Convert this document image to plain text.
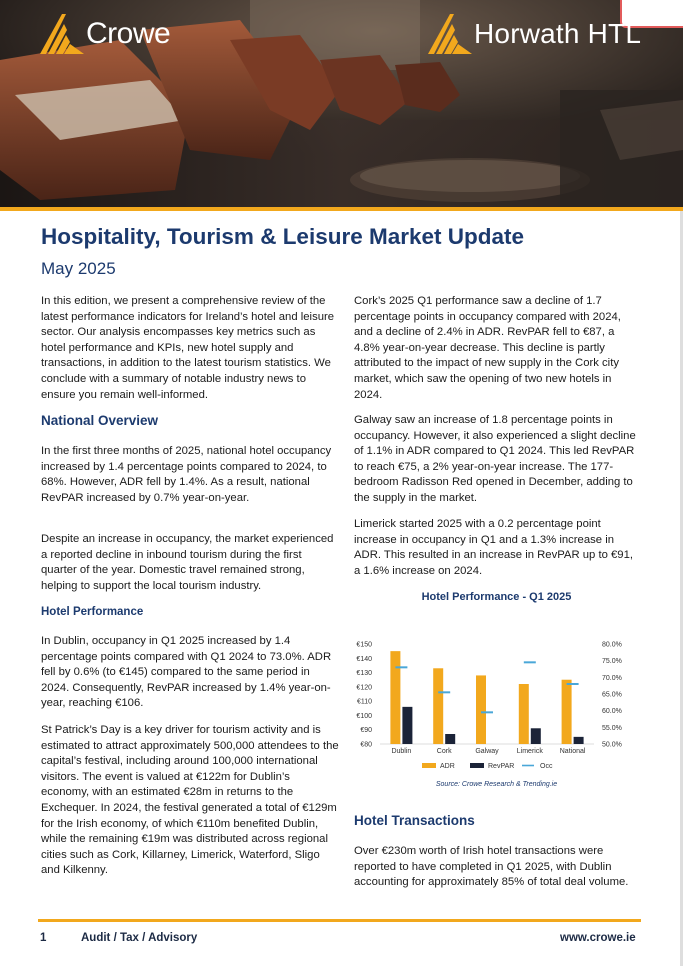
Crowe	Horwath HTL
Hospitality, Tourism & Leisure Market Update
May 2025

In this edition, we present a comprehensive review of the latest performance indicators for Ireland’s hotel and leisure sector. Our analysis encompasses key metrics such as hotel performance and KPIs, new hotel supply and transactions, in addition to the latest tourism statistics. We conclude with a summary of notable industry news to ensure you remain well-informed.

National Overview

In the first three months of 2025, national hotel occupancy increased by 1.4 percentage points compared to 2024, to 68%. However, ADR fell by 1.4%. As a result, national RevPAR increased by 0.7% year-on-year.

Despite an increase in occupancy, the market experienced a reported decline in inbound tourism during the first quarter of the year. Domestic travel remained strong, helping to support the local tourism industry.

Hotel Performance

In Dublin, occupancy in Q1 2025 increased by 1.4 percentage points compared with Q1 2024 to 73.0%. ADR fell by 0.6% (to €145) compared to the same period in 2024. Consequently, RevPAR increased by 1.4% year-on-year, reaching €106.

St Patrick’s Day is a key driver for tourism activity and is estimated to attract approximately 500,000 attendees to the capital’s festival, including around 100,000 international visitors. The event is valued at €122m for Dublin’s economy, with an estimated €28m in returns to the Exchequer. In 2024, the festival generated a total of €129m for the Irish economy, of which €110m benefited Dublin, while the remaining €19m was distributed across regional cities such as Cork, Killarney, Limerick, Waterford, Sligo and Kilkenny.

Cork’s 2025 Q1 performance saw a decline of 1.7 percentage points in occupancy compared with 2024, and a decline of 2.4% in ADR. RevPAR fell to €87, a 4.8% year-on-year decrease. This decline is partly attributed to the impact of new supply in the Cork city market, which saw the opening of two new hotels in 2024.

Galway saw an increase of 1.8 percentage points in occupancy. However, it also experienced a slight decline of 1.1% in ADR compared to Q1 2024. This led RevPAR to reach €75, a 2% year-on-year increase. The 177-bedroom Radisson Red opened in December, adding to the supply in the market.

Limerick started 2025 with a 0.2 percentage point increase in occupancy in Q1 and a 1.3% increase in ADR. This resulted in an increase in RevPAR up to €91, a 1.6% increase on 2024.

Hotel Performance - Q1 2025
€80
€90
€100
€110
€120
€130
€140
€150
50.0%
55.0%
60.0%
65.0%
70.0%
75.0%
80.0%
Dublin	Cork	Galway	Limerick National
ADR	RevPAR	Occ
Source: Crowe Research & Trending.ie
Hotel Transactions

Over €230m worth of Irish hotel transactions were reported to have completed in Q1 2025, with Dublin accounting for approximately 85% of total deal volume.

1	Audit / Tax / Advisory	www.crowe.ie
